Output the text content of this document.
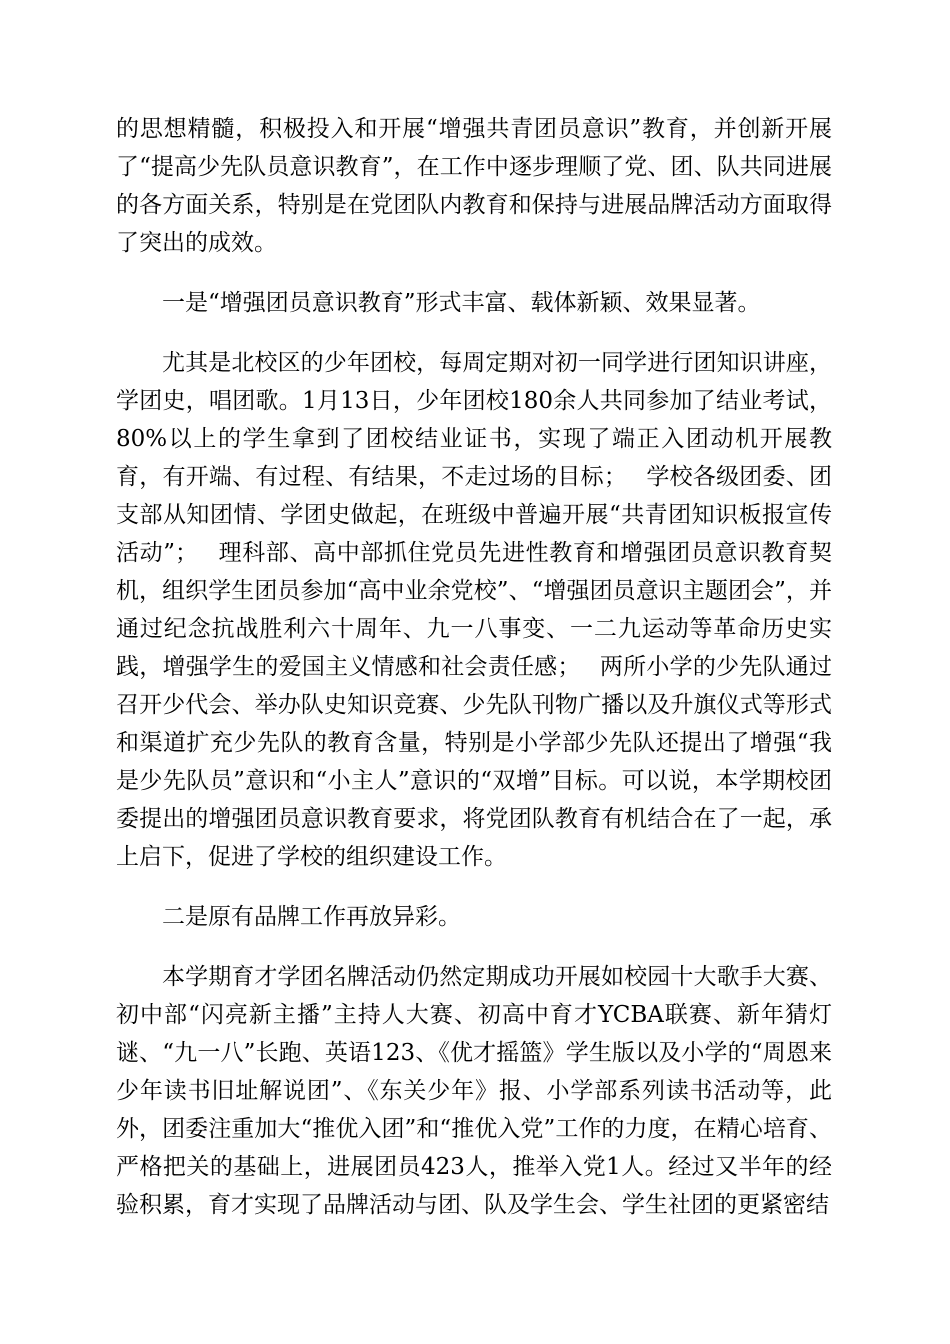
的思想精髓，积极投入和开展“增强共青团员意识”教育，并创新开展了“提高少先队员意识教育”，在工作中逐步理顺了党、团、队共同进展的各方面关系，特别是在党团队内教育和保持与进展品牌活动方面取得了突出的成效。

一是“增强团员意识教育”形式丰富、载体新颖、效果显著。

尤其是北校区的少年团校，每周定期对初一同学进行团知识讲座，学团史，唱团歌。1月13日，少年团校180余人共同参加了结业考试，80%以上的学生拿到了团校结业证书，实现了端正入团动机开展教育，有开端、有过程、有结果，不走过场的目标；　 学校各级团委、团支部从知团情、学团史做起，在班级中普遍开展“共青团知识板报宣传活动”；　 理科部、高中部抓住党员先进性教育和增强团员意识教育契机，组织学生团员参加“高中业余党校”、“增强团员意识主题团会”，并通过纪念抗战胜利六十周年、九一八事变、一二九运动等革命历史实践，增强学生的爱国主义情感和社会责任感；　 两所小学的少先队通过召开少代会、举办队史知识竞赛、少先队刊物广播以及升旗仪式等形式和渠道扩充少先队的教育含量，特别是小学部少先队还提出了增强“我是少先队员”意识和“小主人”意识的“双增”目标。可以说，本学期校团委提出的增强团员意识教育要求，将党团队教育有机结合在了一起，承上启下，促进了学校的组织建设工作。

二是原有品牌工作再放异彩。

本学期育才学团名牌活动仍然定期成功开展如校园十大歌手大赛、初中部“闪亮新主播”主持人大赛、初高中育才YCBA联赛、新年猜灯谜、“九一八”长跑、英语123、《优才摇篮》学生版以及小学的“周恩来少年读书旧址解说团”、《东关少年》报、小学部系列读书活动等，此外，团委注重加大“推优入团”和“推优入党”工作的力度，在精心培育、严格把关的基础上，进展团员423人，推举入党1人。经过又半年的经验积累，育才实现了品牌活动与团、队及学生会、学生社团的更紧密结
